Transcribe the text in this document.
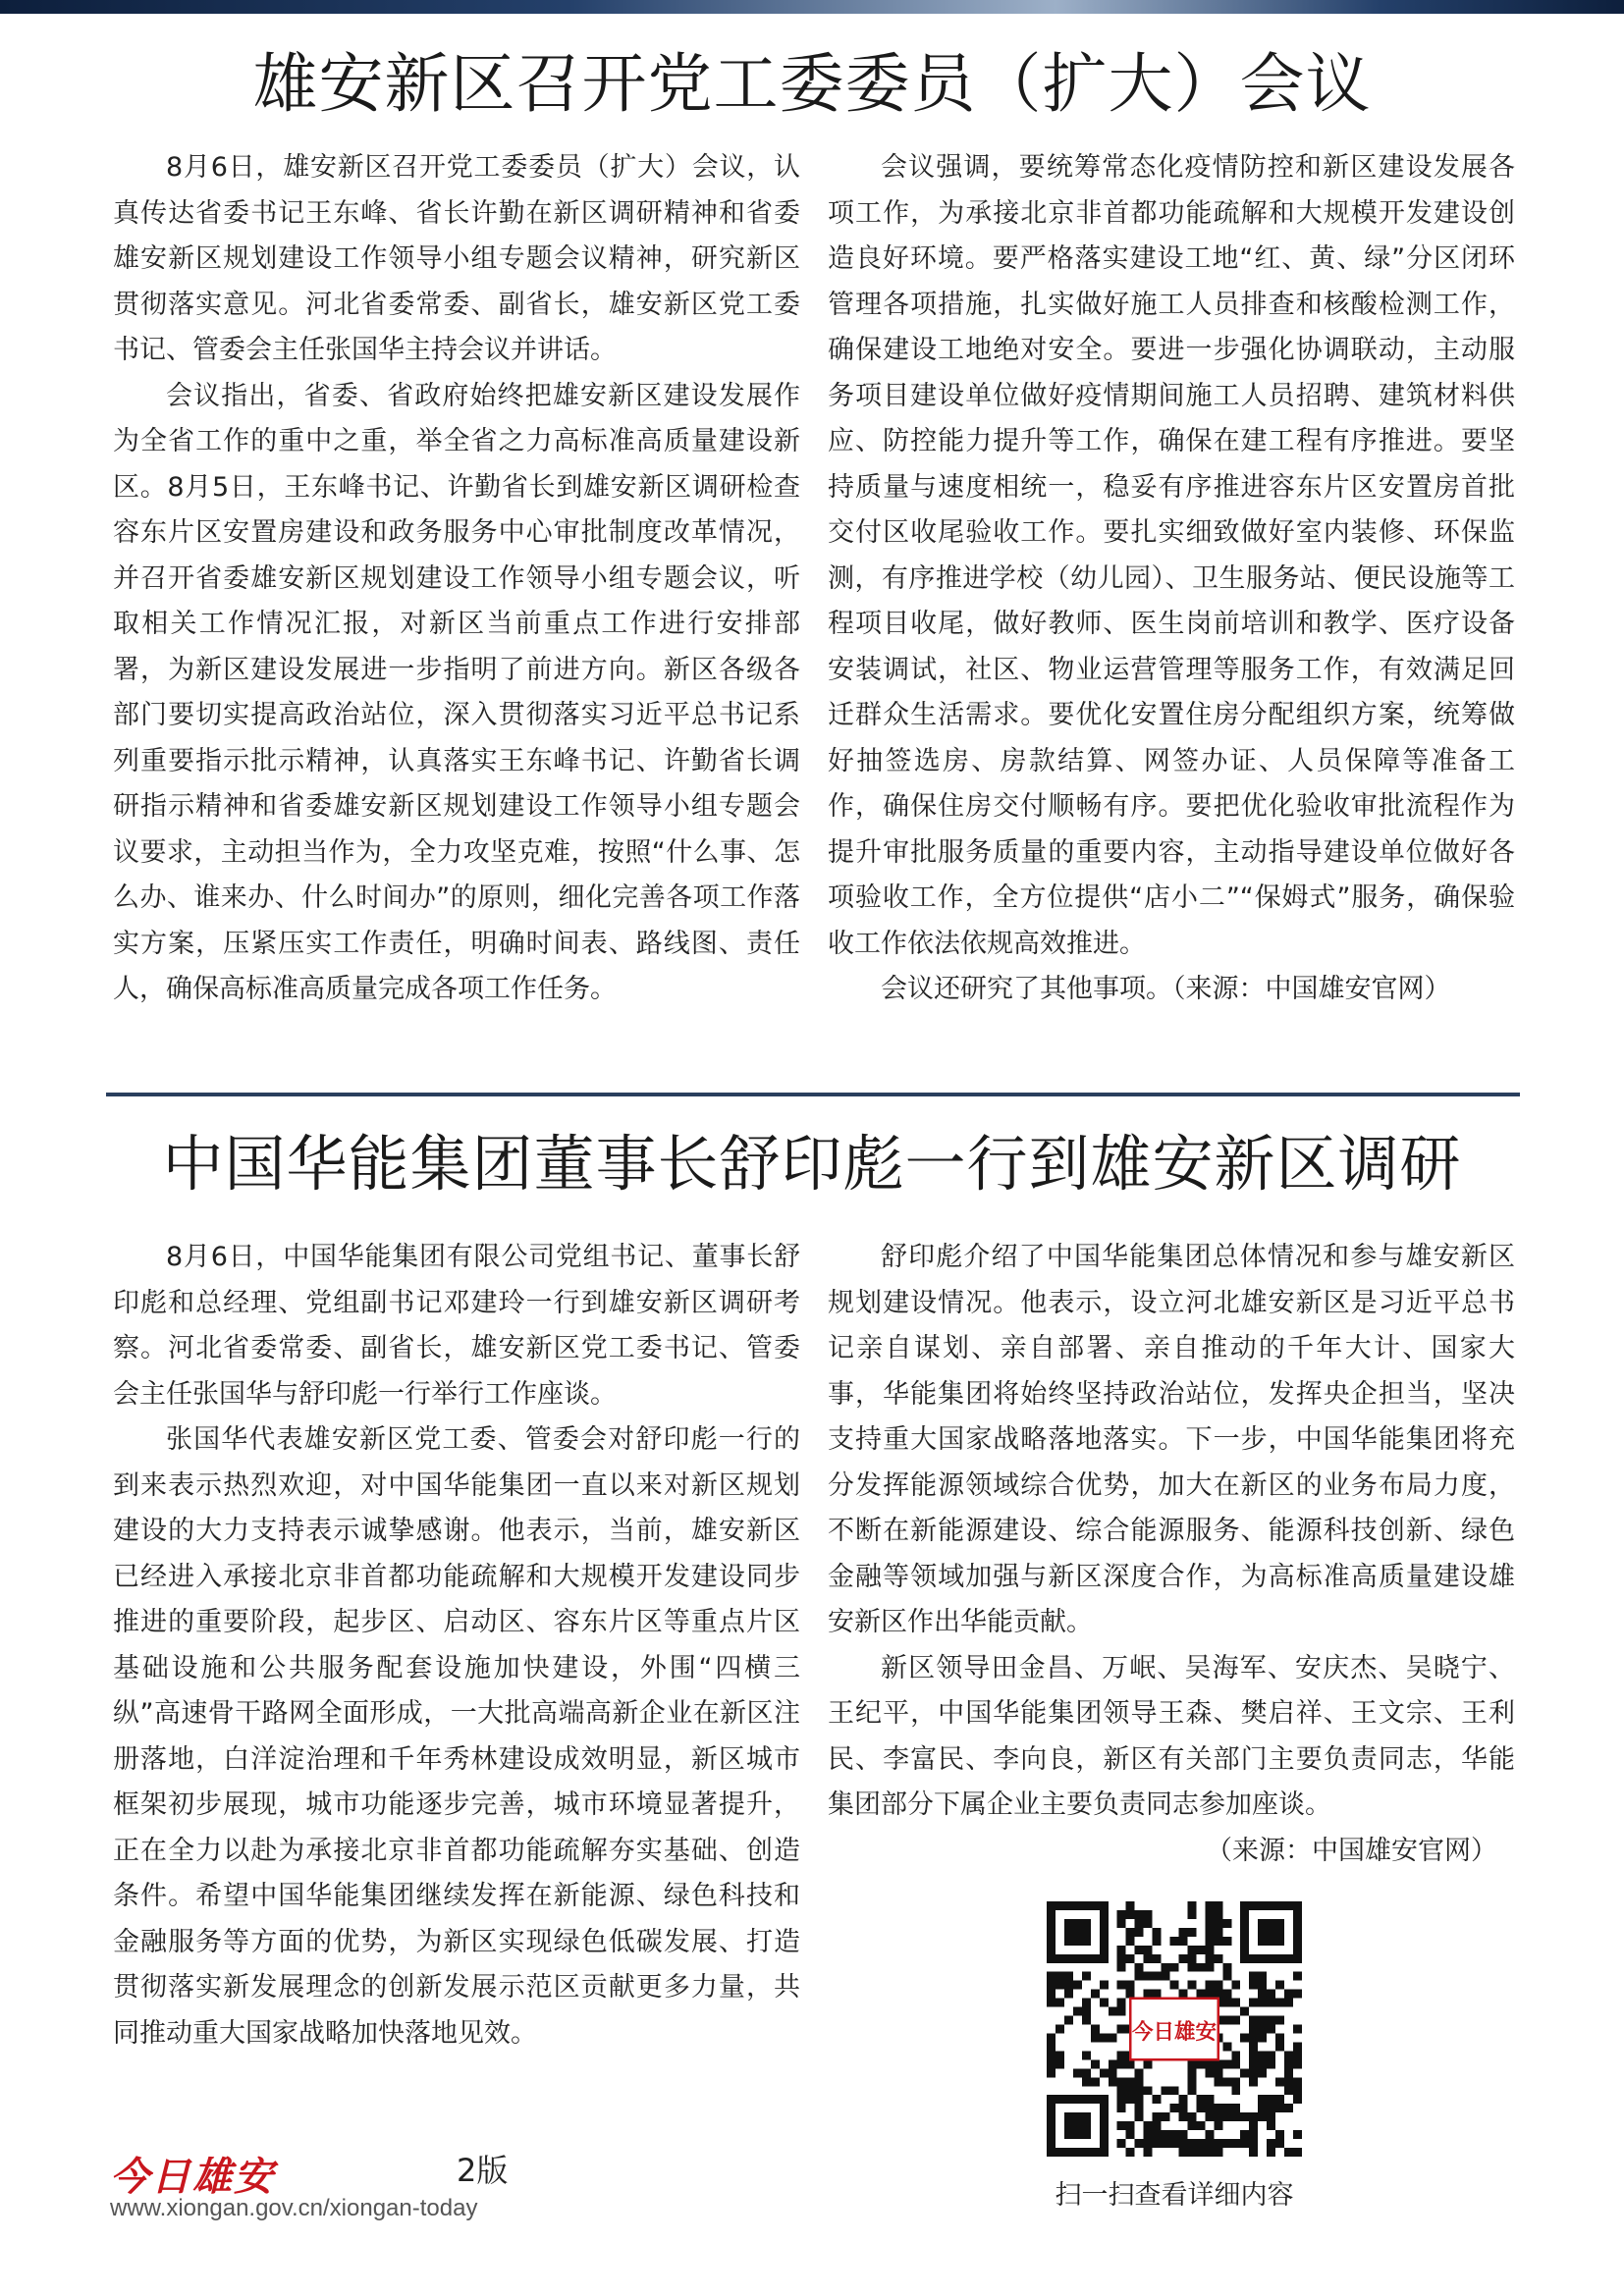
雄安新区召开党工委委员（扩大）会议

8月6日，雄安新区召开党工委委员（扩大）会议，认真传达省委书记王东峰、省长许勤在新区调研精神和省委雄安新区规划建设工作领导小组专题会议精神，研究新区贯彻落实意见。河北省委常委、副省长，雄安新区党工委书记、管委会主任张国华主持会议并讲话。

会议指出，省委、省政府始终把雄安新区建设发展作为全省工作的重中之重，举全省之力高标准高质量建设新区。8月5日，王东峰书记、许勤省长到雄安新区调研检查容东片区安置房建设和政务服务中心审批制度改革情况，并召开省委雄安新区规划建设工作领导小组专题会议，听取相关工作情况汇报，对新区当前重点工作进行安排部署，为新区建设发展进一步指明了前进方向。新区各级各部门要切实提高政治站位，深入贯彻落实习近平总书记系列重要指示批示精神，认真落实王东峰书记、许勤省长调研指示精神和省委雄安新区规划建设工作领导小组专题会议要求，主动担当作为，全力攻坚克难，按照“什么事、怎么办、谁来办、什么时间办”的原则，细化完善各项工作落实方案，压紧压实工作责任，明确时间表、路线图、责任人，确保高标准高质量完成各项工作任务。

会议强调，要统筹常态化疫情防控和新区建设发展各项工作，为承接北京非首都功能疏解和大规模开发建设创造良好环境。要严格落实建设工地“红、黄、绿”分区闭环管理各项措施，扎实做好施工人员排查和核酸检测工作，确保建设工地绝对安全。要进一步强化协调联动，主动服务项目建设单位做好疫情期间施工人员招聘、建筑材料供应、防控能力提升等工作，确保在建工程有序推进。要坚持质量与速度相统一，稳妥有序推进容东片区安置房首批交付区收尾验收工作。要扎实细致做好室内装修、环保监测，有序推进学校（幼儿园）、卫生服务站、便民设施等工程项目收尾，做好教师、医生岗前培训和教学、医疗设备安装调试，社区、物业运营管理等服务工作，有效满足回迁群众生活需求。要优化安置住房分配组织方案，统筹做好抽签选房、房款结算、网签办证、人员保障等准备工作，确保住房交付顺畅有序。要把优化验收审批流程作为提升审批服务质量的重要内容，主动指导建设单位做好各项验收工作，全方位提供“店小二”“保姆式”服务，确保验收工作依法依规高效推进。

会议还研究了其他事项。（来源：中国雄安官网）

中国华能集团董事长舒印彪一行到雄安新区调研

8月6日，中国华能集团有限公司党组书记、董事长舒印彪和总经理、党组副书记邓建玲一行到雄安新区调研考察。河北省委常委、副省长，雄安新区党工委书记、管委会主任张国华与舒印彪一行举行工作座谈。

张国华代表雄安新区党工委、管委会对舒印彪一行的到来表示热烈欢迎，对中国华能集团一直以来对新区规划建设的大力支持表示诚挚感谢。他表示，当前，雄安新区已经进入承接北京非首都功能疏解和大规模开发建设同步推进的重要阶段，起步区、启动区、容东片区等重点片区基础设施和公共服务配套设施加快建设，外围“四横三纵”高速骨干路网全面形成，一大批高端高新企业在新区注册落地，白洋淀治理和千年秀林建设成效明显，新区城市框架初步展现，城市功能逐步完善，城市环境显著提升，正在全力以赴为承接北京非首都功能疏解夯实基础、创造条件。希望中国华能集团继续发挥在新能源、绿色科技和金融服务等方面的优势，为新区实现绿色低碳发展、打造贯彻落实新发展理念的创新发展示范区贡献更多力量，共同推动重大国家战略加快落地见效。

舒印彪介绍了中国华能集团总体情况和参与雄安新区规划建设情况。他表示，设立河北雄安新区是习近平总书记亲自谋划、亲自部署、亲自推动的千年大计、国家大事，华能集团将始终坚持政治站位，发挥央企担当，坚决支持重大国家战略落地落实。下一步，中国华能集团将充分发挥能源领域综合优势，加大在新区的业务布局力度，不断在新能源建设、综合能源服务、能源科技创新、绿色金融等领域加强与新区深度合作，为高标准高质量建设雄安新区作出华能贡献。

新区领导田金昌、万岷、吴海军、安庆杰、吴晓宁、王纪平，中国华能集团领导王森、樊启祥、王文宗、王利民、李富民、李向良，新区有关部门主要负责同志，华能集团部分下属企业主要负责同志参加座谈。

（来源：中国雄安官网）

今日雄安
扫一扫查看详细内容
今日雄安	2版
www.xiongan.gov.cn/xiongan-today
